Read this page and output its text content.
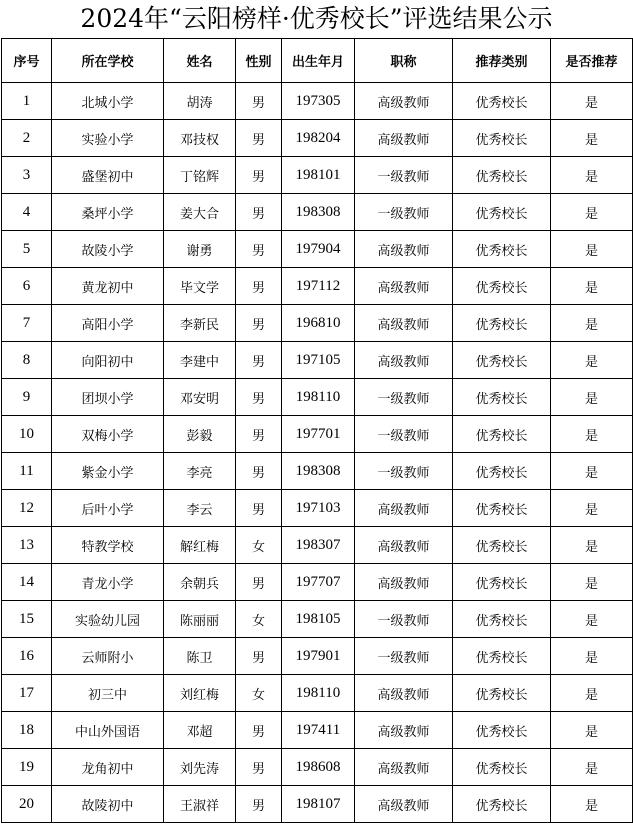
2024年“云阳榜样·优秀校长”评选结果公示
序号	所在学校	姓名	性别	出生年月	职称	推荐类别	是否推荐
1	北城小学	胡涛	男	197305	高级教师	优秀校长	是
2	实验小学	邓技权	男	198204	高级教师	优秀校长	是
3	盛堡初中	丁铭辉	男	198101	一级教师	优秀校长	是
4	桑坪小学	姜大合	男	198308	一级教师	优秀校长	是
5	故陵小学	谢勇	男	197904	高级教师	优秀校长	是
6	黄龙初中	毕文学	男	197112	高级教师	优秀校长	是
7	高阳小学	李新民	男	196810	高级教师	优秀校长	是
8	向阳初中	李建中	男	197105	高级教师	优秀校长	是
9	团坝小学	邓安明	男	198110	一级教师	优秀校长	是
10	双梅小学	彭毅	男	197701	一级教师	优秀校长	是
11	紫金小学	李亮	男	198308	一级教师	优秀校长	是
12	后叶小学	李云	男	197103	高级教师	优秀校长	是
13	特教学校	解红梅	女	198307	高级教师	优秀校长	是
14	青龙小学	余朝兵	男	197707	高级教师	优秀校长	是
15	实验幼儿园	陈丽丽	女	198105	一级教师	优秀校长	是
16	云师附小	陈卫	男	197901	一级教师	优秀校长	是
17	初三中	刘红梅	女	198110	高级教师	优秀校长	是
18	中山外国语	邓超	男	197411	高级教师	优秀校长	是
19	龙角初中	刘先涛	男	198608	高级教师	优秀校长	是
20	故陵初中	王淑祥	男	198107	高级教师	优秀校长	是
